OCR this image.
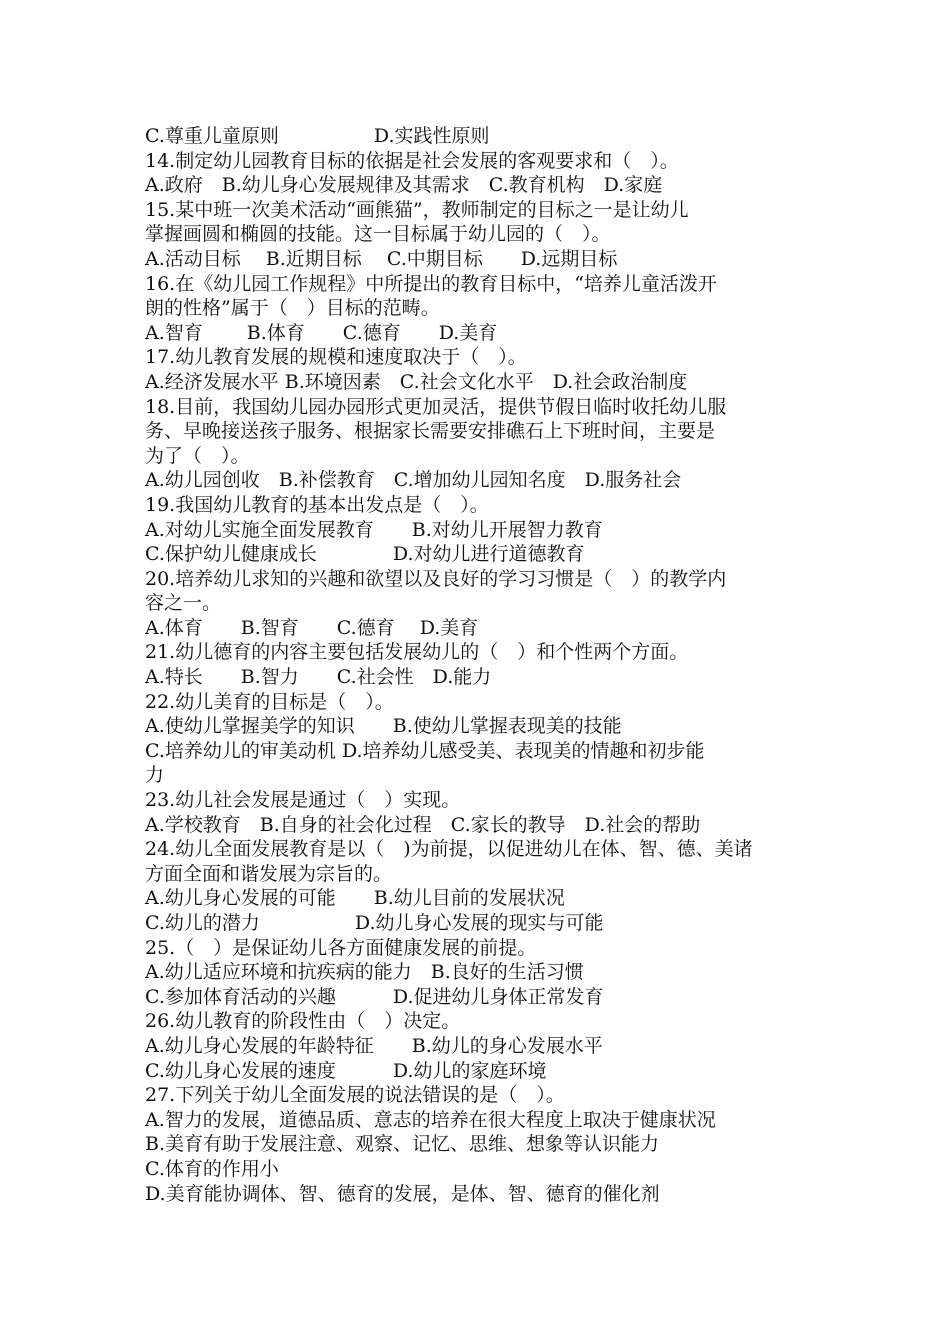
C.尊重儿童原则　　　　　D.实践性原则
14.制定幼儿园教育目标的依据是社会发展的客观要求和（　）。
A.政府　B.幼儿身心发展规律及其需求　C.教育机构　D.家庭
15.某中班一次美术活动“画熊猫”，教师制定的目标之一是让幼儿
掌握画圆和椭圆的技能。这一目标属于幼儿园的（　）。
A.活动目标　 B.近期目标　 C.中期目标　　D.远期目标
16.在《幼儿园工作规程》中所提出的教育目标中，“培养儿童活泼开
朗的性格”属于（　）目标的范畴。
A.智育　　 B.体育　　C.德育　　D.美育
17.幼儿教育发展的规模和速度取决于（　）。
A.经济发展水平 B.环境因素　C.社会文化水平　D.社会政治制度
18.目前，我国幼儿园办园形式更加灵活，提供节假日临时收托幼儿服
务、早晚接送孩子服务、根据家长需要安排礁石上下班时间，主要是
为了（　）。
A.幼儿园创收　B.补偿教育　C.增加幼儿园知名度　D.服务社会
19.我国幼儿教育的基本出发点是（　）。
A.对幼儿实施全面发展教育　　B.对幼儿开展智力教育
C.保护幼儿健康成长　　　　D.对幼儿进行道德教育
20.培养幼儿求知的兴趣和欲望以及良好的学习习惯是（　）的教学内
容之一。
A.体育　　B.智育　　C.德育　 D.美育
21.幼儿德育的内容主要包括发展幼儿的（　）和个性两个方面。
A.特长　　B.智力　　C.社会性　D.能力
22.幼儿美育的目标是（　）。
A.使幼儿掌握美学的知识　　B.使幼儿掌握表现美的技能
C.培养幼儿的审美动机 D.培养幼儿感受美、表现美的情趣和初步能
力
23.幼儿社会发展是通过（　）实现。
A.学校教育　B.自身的社会化过程　C.家长的教导　D.社会的帮助
24.幼儿全面发展教育是以（　)为前提，以促进幼儿在体、智、德、美诸
方面全面和谐发展为宗旨的。
A.幼儿身心发展的可能　　B.幼儿目前的发展状况
C.幼儿的潜力　　　　　D.幼儿身心发展的现实与可能
25.（　）是保证幼儿各方面健康发展的前提。
A.幼儿适应环境和抗疾病的能力　B.良好的生活习惯
C.参加体育活动的兴趣　　　D.促进幼儿身体正常发育
26.幼儿教育的阶段性由（　）决定。
A.幼儿身心发展的年龄特征　　B.幼儿的身心发展水平
C.幼儿身心发展的速度　　　D.幼儿的家庭环境
27.下列关于幼儿全面发展的说法错误的是（　）。
A.智力的发展，道德品质、意志的培养在很大程度上取决于健康状况
B.美育有助于发展注意、观察、记忆、思维、想象等认识能力
C.体育的作用小
D.美育能协调体、智、德育的发展，是体、智、德育的催化剂
